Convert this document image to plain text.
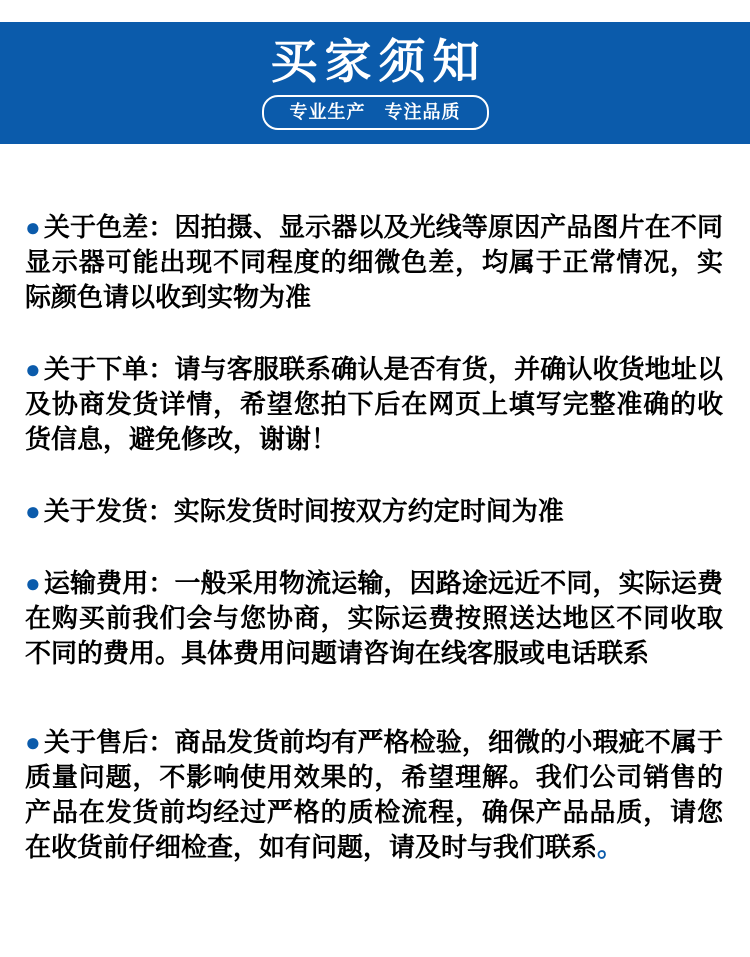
买家须知
专业生产　专注品质

● 关于色差：因拍摄、显示器以及光线等原因产品图片在不同显示器可能出现不同程度的细微色差，均属于正常情况，实际颜色请以收到实物为准

● 关于下单：请与客服联系确认是否有货，并确认收货地址以及协商发货详情，希望您拍下后在网页上填写完整准确的收货信息，避免修改，谢谢！

● 关于发货：实际发货时间按双方约定时间为准

● 运输费用：一般采用物流运输，因路途远近不同，实际运费在购买前我们会与您协商，实际运费按照送达地区不同收取不同的费用。具体费用问题请咨询在线客服或电话联系

● 关于售后：商品发货前均有严格检验，细微的小瑕疵不属于质量问题，不影响使用效果的，希望理解。我们公司销售的产品在发货前均经过严格的质检流程，确保产品品质，请您在收货前仔细检查，如有问题，请及时与我们联系。
